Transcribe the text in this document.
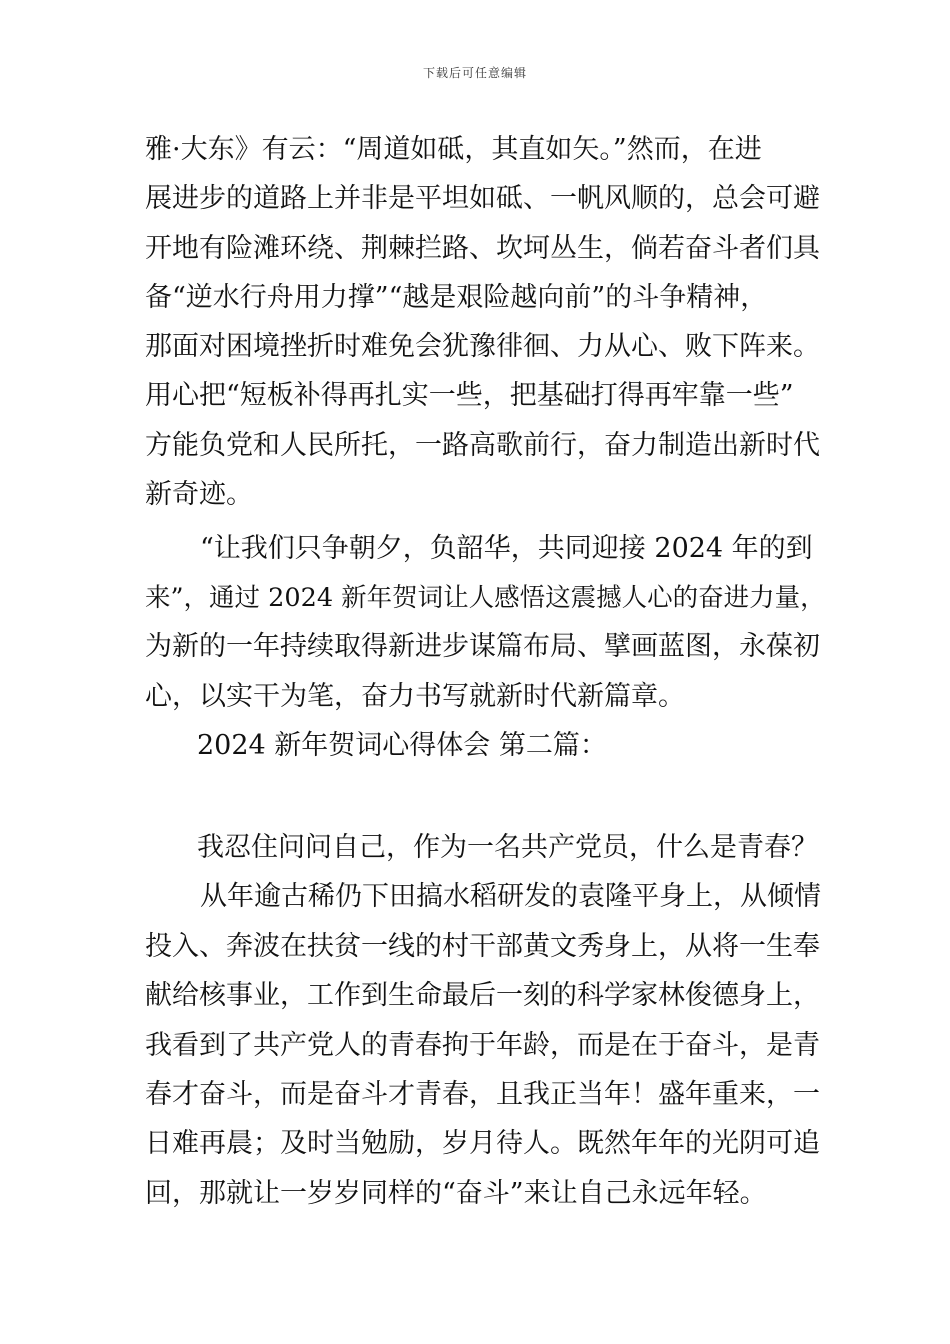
下载后可任意编辑
雅·大东》有云：“周道如砥，其直如矢。”然而，在进
展进步的道路上并非是平坦如砥、一帆风顺的，总会可避
开地有险滩环绕、荆棘拦路、坎坷丛生，倘若奋斗者们具
备“逆水行舟用力撑”“越是艰险越向前”的斗争精神，
那面对困境挫折时难免会犹豫徘徊、力从心、败下阵来。
用心把“短板补得再扎实一些，把基础打得再牢靠一些”
方能负党和人民所托，一路高歌前行，奋力制造出新时代
新奇迹。
“让我们只争朝夕，负韶华，共同迎接 2024 年的到
来”，通过 2024 新年贺词让人感悟这震撼人心的奋进力量，
为新的一年持续取得新进步谋篇布局、擘画蓝图，永葆初
心，以实干为笔，奋力书写就新时代新篇章。
2024 新年贺词心得体会 第二篇：
我忍住问问自己，作为一名共产党员，什么是青春？
从年逾古稀仍下田搞水稻研发的袁隆平身上，从倾情
投入、奔波在扶贫一线的村干部黄文秀身上，从将一生奉
献给核事业，工作到生命最后一刻的科学家林俊德身上，
我看到了共产党人的青春拘于年龄，而是在于奋斗，是青
春才奋斗，而是奋斗才青春，且我正当年！盛年重来，一
日难再晨；及时当勉励，岁月待人。既然年年的光阴可追
回，那就让一岁岁同样的“奋斗”来让自己永远年轻。
